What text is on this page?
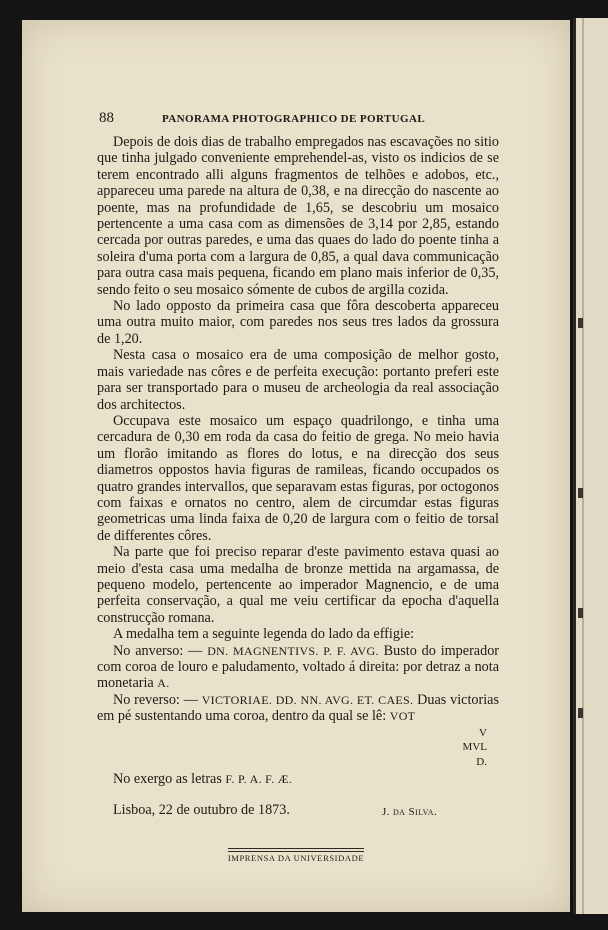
88	PANORAMA PHOTOGRAPHICO DE PORTUGAL

Depois de dois dias de trabalho empregados nas escavações no sitio que tinha julgado conveniente emprehendel-as, visto os indicios de se terem encontrado alli alguns fragmentos de telhões e adobos, etc., appareceu uma parede na altura de 0,38, e na direcção do nascente ao poente, mas na profundidade de 1,65, se descobriu um mosaico pertencente a uma casa com as dimensões de 3,14 por 2,85, estando cercada por outras paredes, e uma das quaes do lado do poente tinha a soleira d'uma porta com a largura de 0,85, a qual dava communicação para outra casa mais pequena, ficando em plano mais inferior de 0,35, sendo feito o seu mosaico sómente de cubos de argilla cozida.

No lado opposto da primeira casa que fôra descoberta appareceu uma outra muito maior, com paredes nos seus tres lados da grossura de 1,20.

Nesta casa o mosaico era de uma composição de melhor gosto, mais variedade nas côres e de perfeita execução: portanto preferi este para ser transportado para o museu de archeologia da real associação dos architectos.

Occupava este mosaico um espaço quadrilongo, e tinha uma cercadura de 0,30 em roda da casa do feitio de grega. No meio havia um florão imitando as flores do lotus, e na direcção dos seus diametros oppostos havia figuras de ramileas, ficando occupados os quatro grandes intervallos, que separavam estas figuras, por octogonos com faixas e ornatos no centro, alem de circumdar estas figuras geometricas uma linda faixa de 0,20 de largura com o feitio de torsal de differentes côres.

Na parte que foi preciso reparar d'este pavimento estava quasi ao meio d'esta casa uma medalha de bronze mettida na argamassa, de pequeno modelo, pertencente ao imperador Magnencio, e de uma perfeita conservação, a qual me veiu certificar da epocha d'aquella construcção romana.

A medalha tem a seguinte legenda do lado da effigie:

No anverso: — DN. MAGNENTIVS. P. F. AVG. Busto do imperador com coroa de louro e paludamento, voltado á direita: por detraz a nota monetaria A.

No reverso: — VICTORIAE. DD. NN. AVG. ET. CAES. Duas victorias em pé sustentando uma coroa, dentro da qual se lê: VOT

V
MVL
D.
No exergo as letras F. P. A. F. Æ.
Lisboa, 22 de outubro de 1873.	J. da Silva.
IMPRENSA DA UNIVERSIDADE
